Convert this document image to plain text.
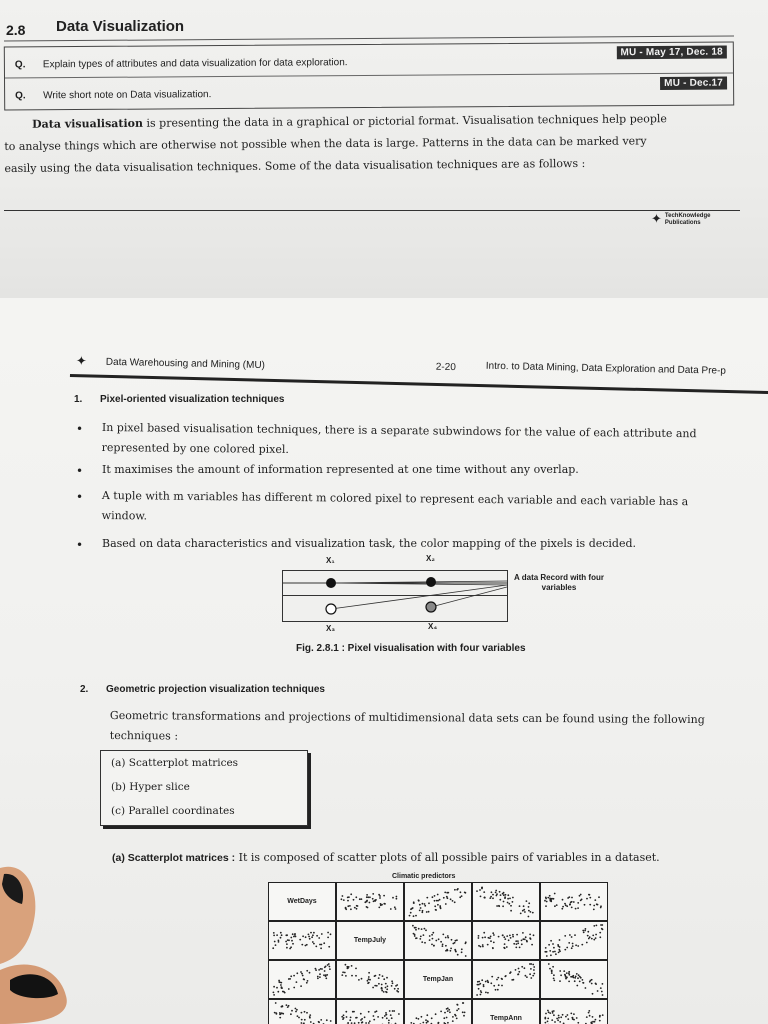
2.8 Data Visualization
Q. Explain types of attributes and data visualization for data exploration.
MU - May 17, Dec. 18
Q. Write short note on Data visualization.
MU - Dec.17
Data visualisation is presenting the data in a graphical or pictorial format. Visualisation techniques help people
to analyse things which are otherwise not possible when the data is large. Patterns in the data can be marked very
easily using the data visualisation techniques. Some of the data visualisation techniques are as follows :
✦ TechKnowledge
Publications
✦ Data Warehousing and Mining (MU)	2-20	Intro. to Data Mining, Data Exploration and Data Pre-p
1. Pixel-oriented visualization techniques
• In pixel based visualisation techniques, there is a separate subwindows for the value of each attribute and
represented by one colored pixel.
• It maximises the amount of information represented at one time without any overlap.
• A tuple with m variables has different m colored pixel to represent each variable and each variable has a
window.
• Based on data characteristics and visualization task, the color mapping of the pixels is decided.
X₁	X₂
X₃	X₄
A data Record with four variables
Fig. 2.8.1 : Pixel visualisation with four variables
2. Geometric projection visualization techniques
Geometric transformations and projections of multidimensional data sets can be found using the following
techniques :
(a) Scatterplot matrices
(b) Hyper slice
(c) Parallel coordinates
(a) Scatterplot matrices : It is composed of scatter plots of all possible pairs of variables in a dataset.
Climatic predictors
WetDays
TempJuly
TempJan
TempAnn
